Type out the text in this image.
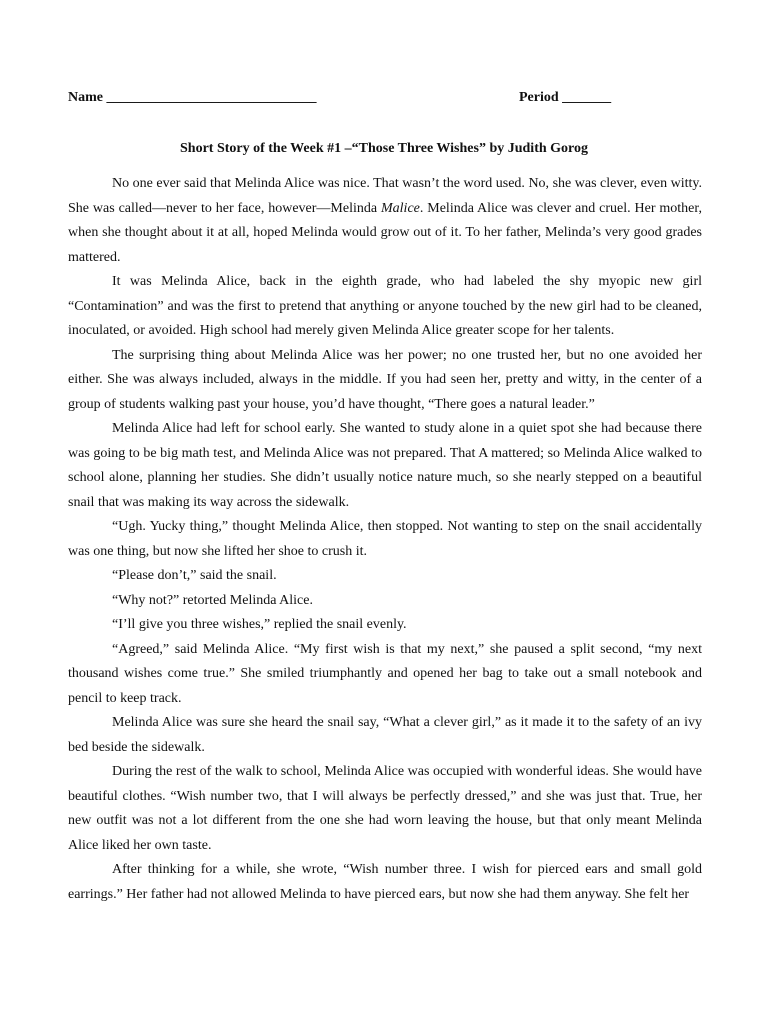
Name ______________________________	Period _______
Short Story of the Week #1 –“Those Three Wishes” by Judith Gorog

No one ever said that Melinda Alice was nice. That wasn’t the word used. No, she was clever, even witty. She was called—never to her face, however—Melinda Malice. Melinda Alice was clever and cruel. Her mother, when she thought about it at all, hoped Melinda would grow out of it. To her father, Melinda’s very good grades mattered.

It was Melinda Alice, back in the eighth grade, who had labeled the shy myopic new girl “Contamination” and was the first to pretend that anything or anyone touched by the new girl had to be cleaned, inoculated, or avoided. High school had merely given Melinda Alice greater scope for her talents.

The surprising thing about Melinda Alice was her power; no one trusted her, but no one avoided her either. She was always included, always in the middle. If you had seen her, pretty and witty, in the center of a group of students walking past your house, you’d have thought, “There goes a natural leader.”

Melinda Alice had left for school early. She wanted to study alone in a quiet spot she had because there was going to be big math test, and Melinda Alice was not prepared. That A mattered; so Melinda Alice walked to school alone, planning her studies. She didn’t usually notice nature much, so she nearly stepped on a beautiful snail that was making its way across the sidewalk.

“Ugh. Yucky thing,” thought Melinda Alice, then stopped. Not wanting to step on the snail accidentally was one thing, but now she lifted her shoe to crush it.

“Please don’t,” said the snail.

“Why not?” retorted Melinda Alice.

“I’ll give you three wishes,” replied the snail evenly.

“Agreed,” said Melinda Alice. “My first wish is that my next,” she paused a split second, “my next thousand wishes come true.” She smiled triumphantly and opened her bag to take out a small notebook and pencil to keep track.

Melinda Alice was sure she heard the snail say, “What a clever girl,” as it made it to the safety of an ivy bed beside the sidewalk.

During the rest of the walk to school, Melinda Alice was occupied with wonderful ideas. She would have beautiful clothes. “Wish number two, that I will always be perfectly dressed,” and she was just that. True, her new outfit was not a lot different from the one she had worn leaving the house, but that only meant Melinda Alice liked her own taste.

After thinking for a while, she wrote, “Wish number three. I wish for pierced ears and small gold earrings.” Her father had not allowed Melinda to have pierced ears, but now she had them anyway. She felt her
